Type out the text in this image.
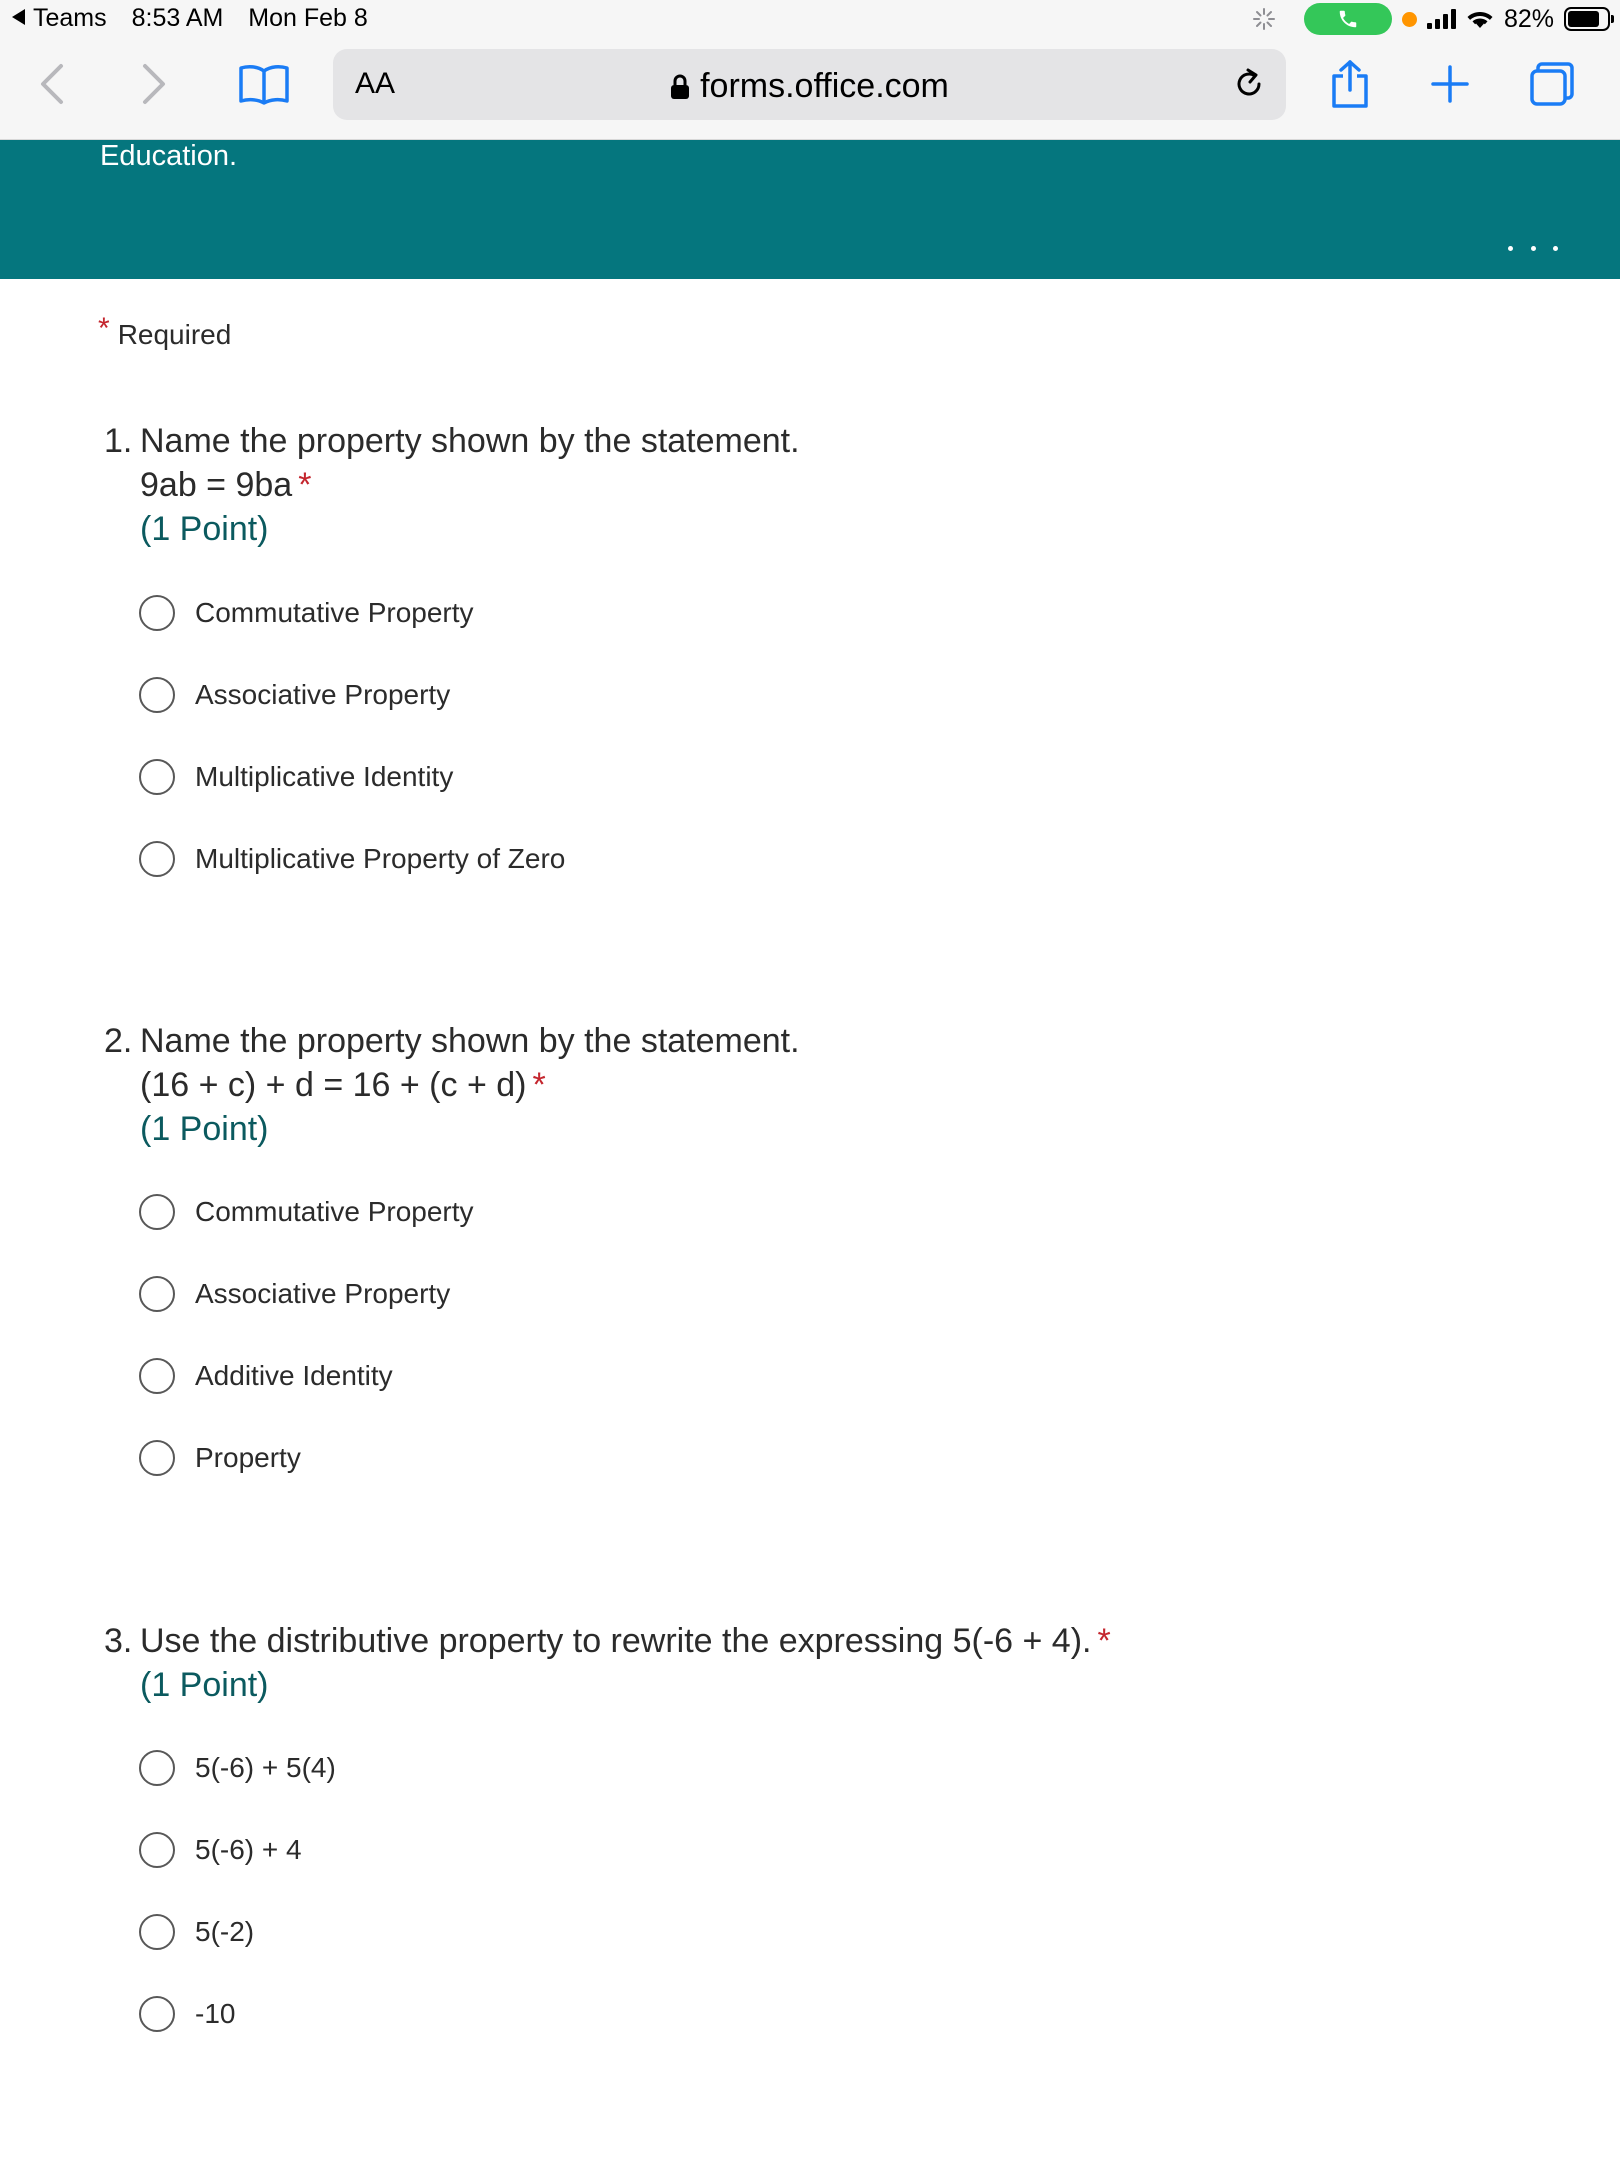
Teams 8:53 AM Mon Feb 8	82%
AA	forms.office.com
Education.
* Required
1. Name the property shown by the statement.
9ab = 9ba *
(1 Point)
Commutative Property
Associative Property
Multiplicative Identity
Multiplicative Property of Zero
2. Name the property shown by the statement.
(16 + c) + d = 16 + (c + d) *
(1 Point)
Commutative Property
Associative Property
Additive Identity
Property
3. Use the distributive property to rewrite the expressing 5(-6 + 4). *
(1 Point)
5(-6) + 5(4)
5(-6) + 4
5(-2)
-10
